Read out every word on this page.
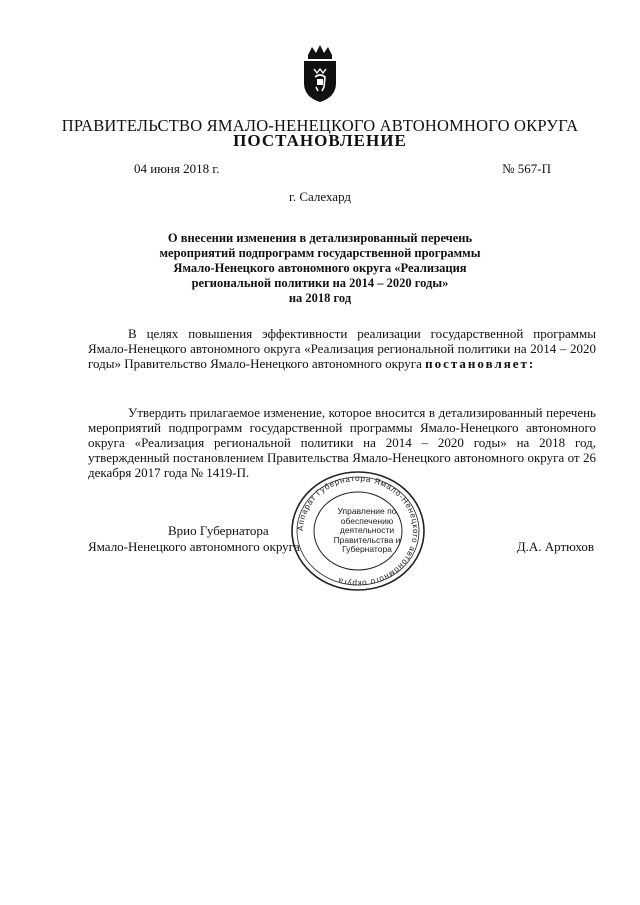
ПРАВИТЕЛЬСТВО ЯМАЛО-НЕНЕЦКОГО АВТОНОМНОГО ОКРУГА
ПОСТАНОВЛЕНИЕ
04 июня 2018 г.	№ 567-П
г. Салехард
О внесении изменения в детализированный перечень
мероприятий подпрограмм государственной программы
Ямало-Ненецкого автономного округа «Реализация
региональной политики на 2014 – 2020 годы»
на 2018 год
В целях повышения эффективности реализации государственной программы Ямало-Ненецкого автономного округа «Реализация региональной политики на 2014 – 2020 годы» Правительство Ямало-Ненецкого автономного округа постановляет:
Утвердить прилагаемое изменение, которое вносится в детализированный перечень мероприятий подпрограмм государственной программы Ямало-Ненецкого автономного округа «Реализация региональной политики на 2014 – 2020 годы» на 2018 год, утвержденный постановлением Правительства Ямало-Ненецкого автономного округа от 26 декабря 2017 года № 1419-П.
Врио Губернатора
Ямало-Ненецкого автономного округа	Д.А. Артюхов
Аппарат Губернатора Ямало-Ненецкого автономного округа
Управление по обеспечению деятельности Правительства и Губернатора
